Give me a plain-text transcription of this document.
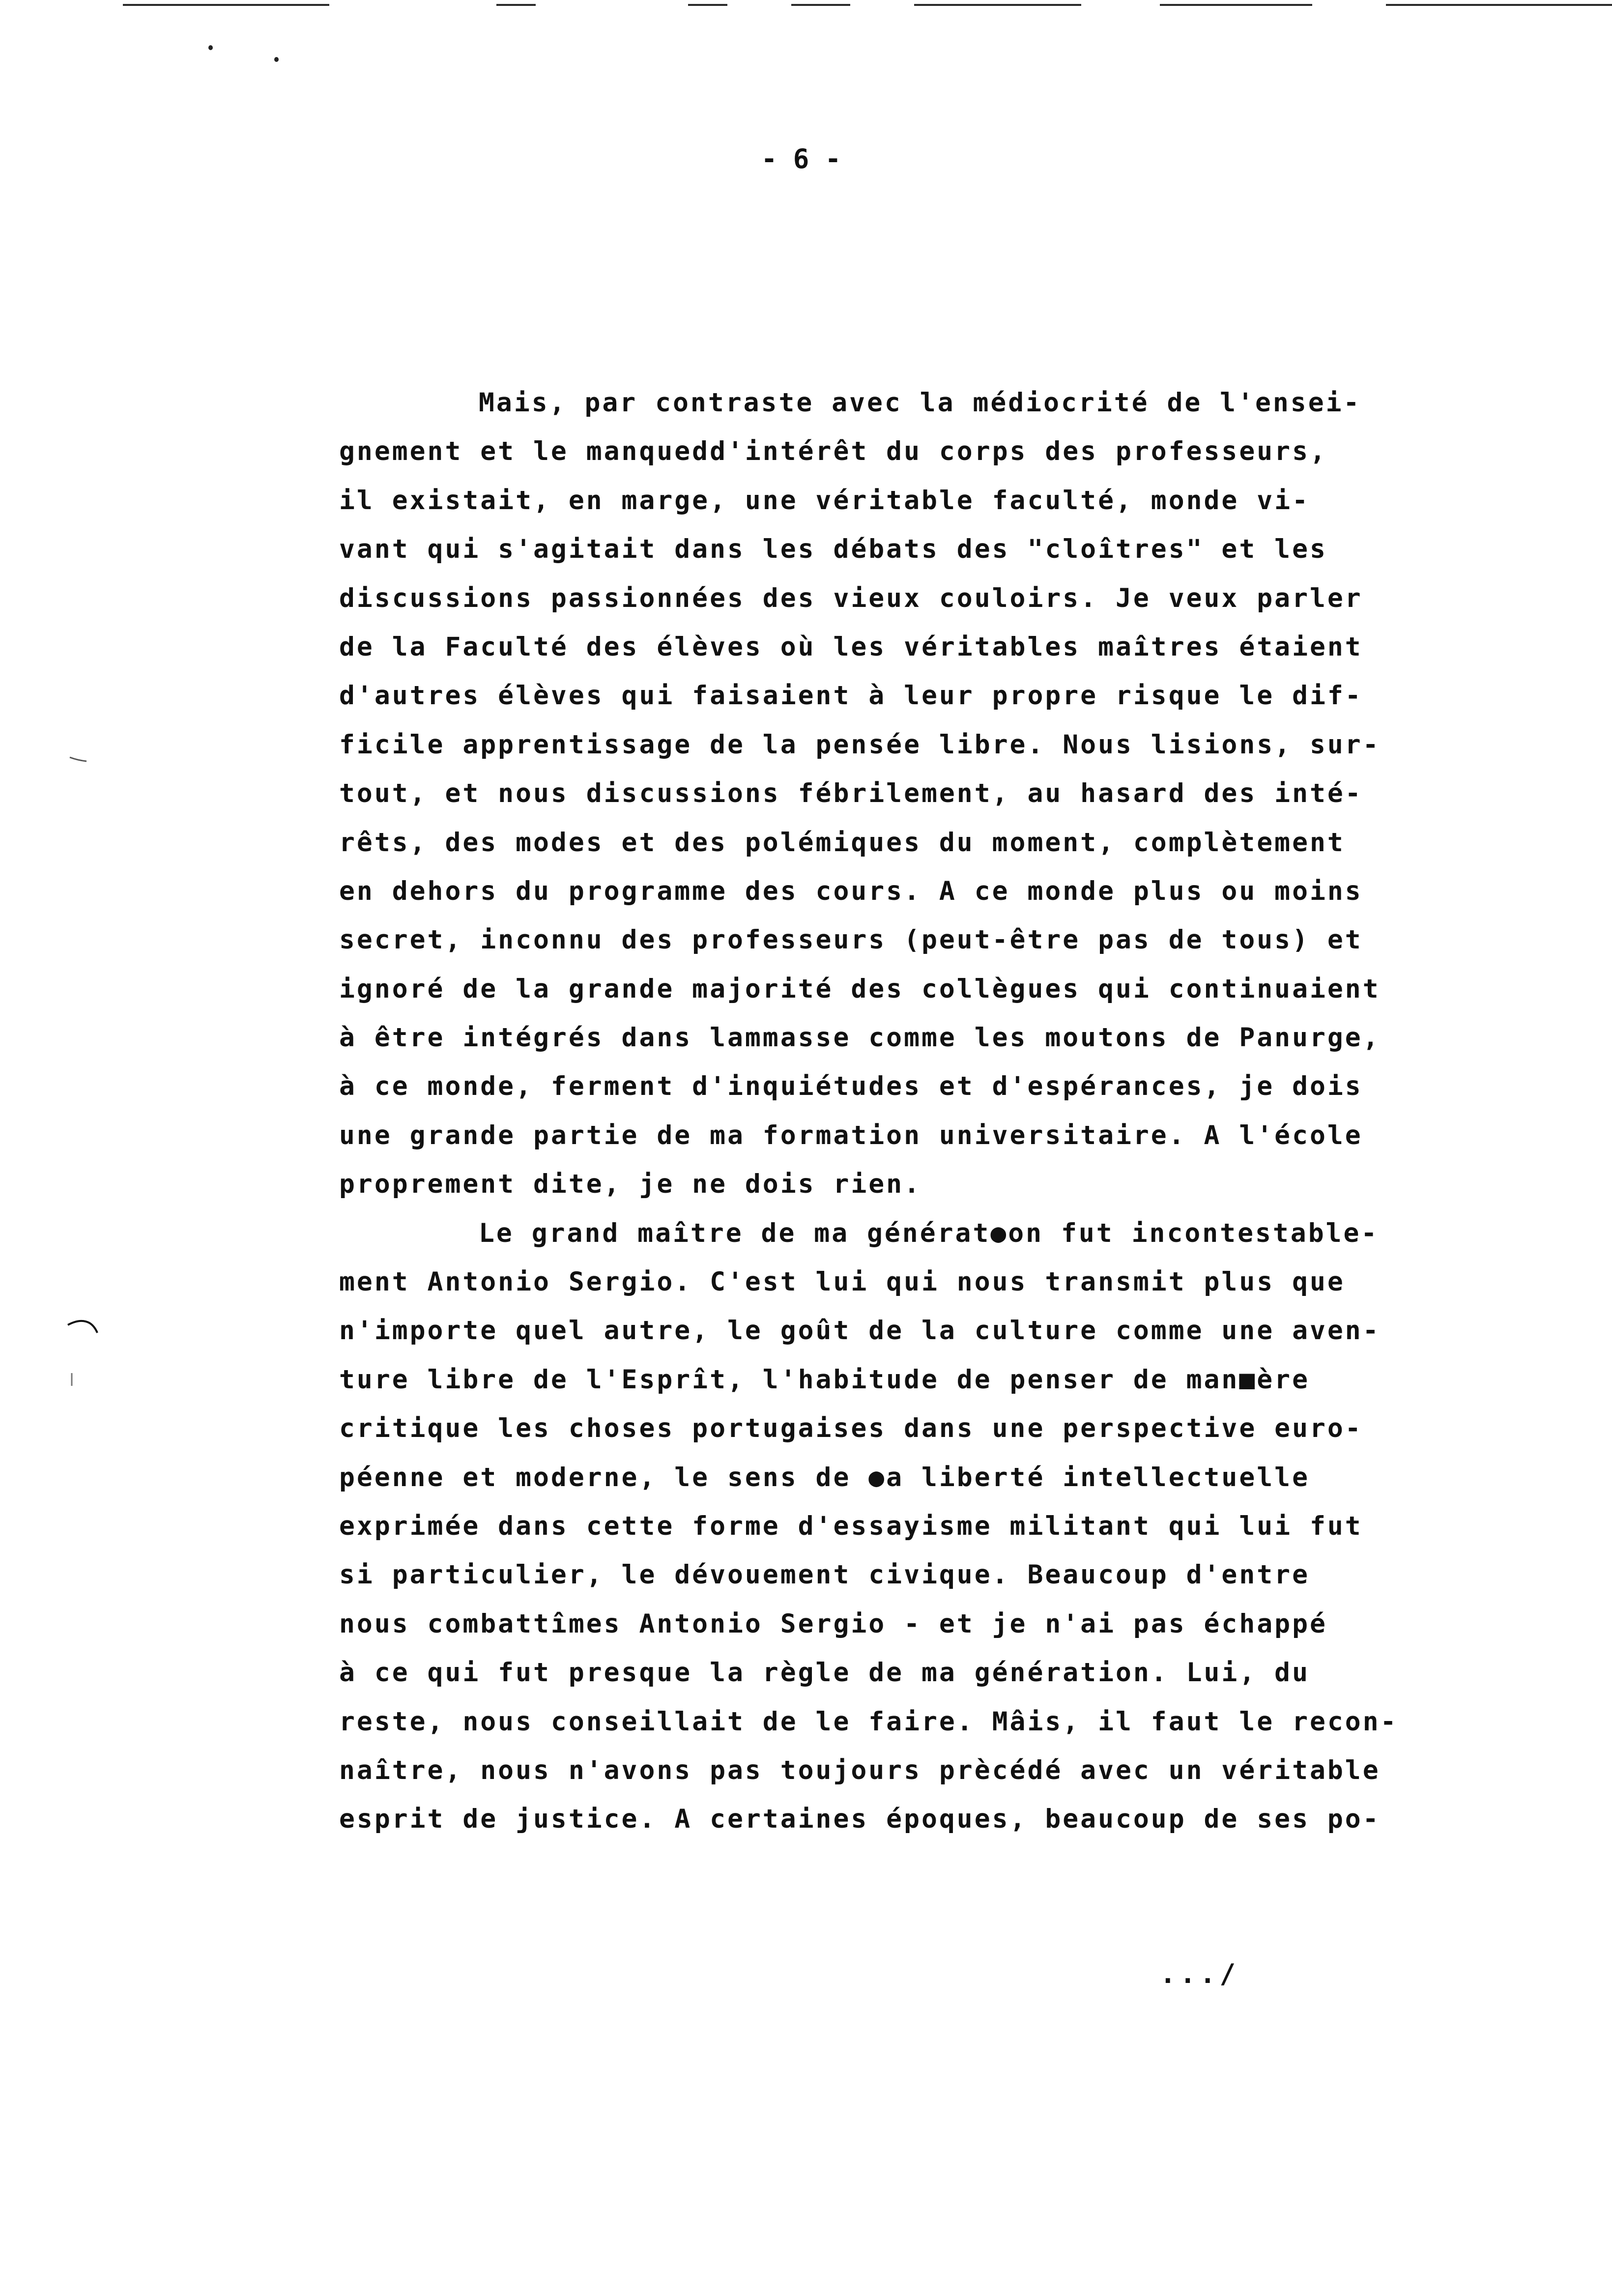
- 6 -
Mais, par contraste avec la médiocrité de l'ensei-
gnement et le manquedd'intérêt du corps des professeurs,
il existait, en marge, une véritable faculté, monde vi-
vant qui s'agitait dans les débats des "cloîtres" et les
discussions passionnées des vieux couloirs. Je veux parler
de la Faculté des élèves où les véritables maîtres étaient
d'autres élèves qui faisaient à leur propre risque le dif-
ficile apprentissage de la pensée libre. Nous lisions, sur-
tout, et nous discussions fébrilement, au hasard des inté-
rêts, des modes et des polémiques du moment, complètement
en dehors du programme des cours. A ce monde plus ou moins
secret, inconnu des professeurs (peut-être pas de tous) et
ignoré de la grande majorité des collègues qui continuaient
à être intégrés dans lammasse comme les moutons de Panurge,
à ce monde, ferment d'inquiétudes et d'espérances, je dois
une grande partie de ma formation universitaire. A l'école
proprement dite, je ne dois rien.
Le grand maître de ma générat●on fut incontestable-
ment Antonio Sergio. C'est lui qui nous transmit plus que
n'importe quel autre, le goût de la culture comme une aven-
ture libre de l'Esprît, l'habitude de penser de man■ère
critique les choses portugaises dans une perspective euro-
péenne et moderne, le sens de ●a liberté intellectuelle
exprimée dans cette forme d'essayisme militant qui lui fut
si particulier, le dévouement civique. Beaucoup d'entre
nous combattîmes Antonio Sergio - et je n'ai pas échappé
à ce qui fut presque la règle de ma génération. Lui, du
reste, nous conseillait de le faire. Mâis, il faut le recon-
naître, nous n'avons pas toujours prècédé avec un véritable
esprit de justice. A certaines époques, beaucoup de ses po-
.../
